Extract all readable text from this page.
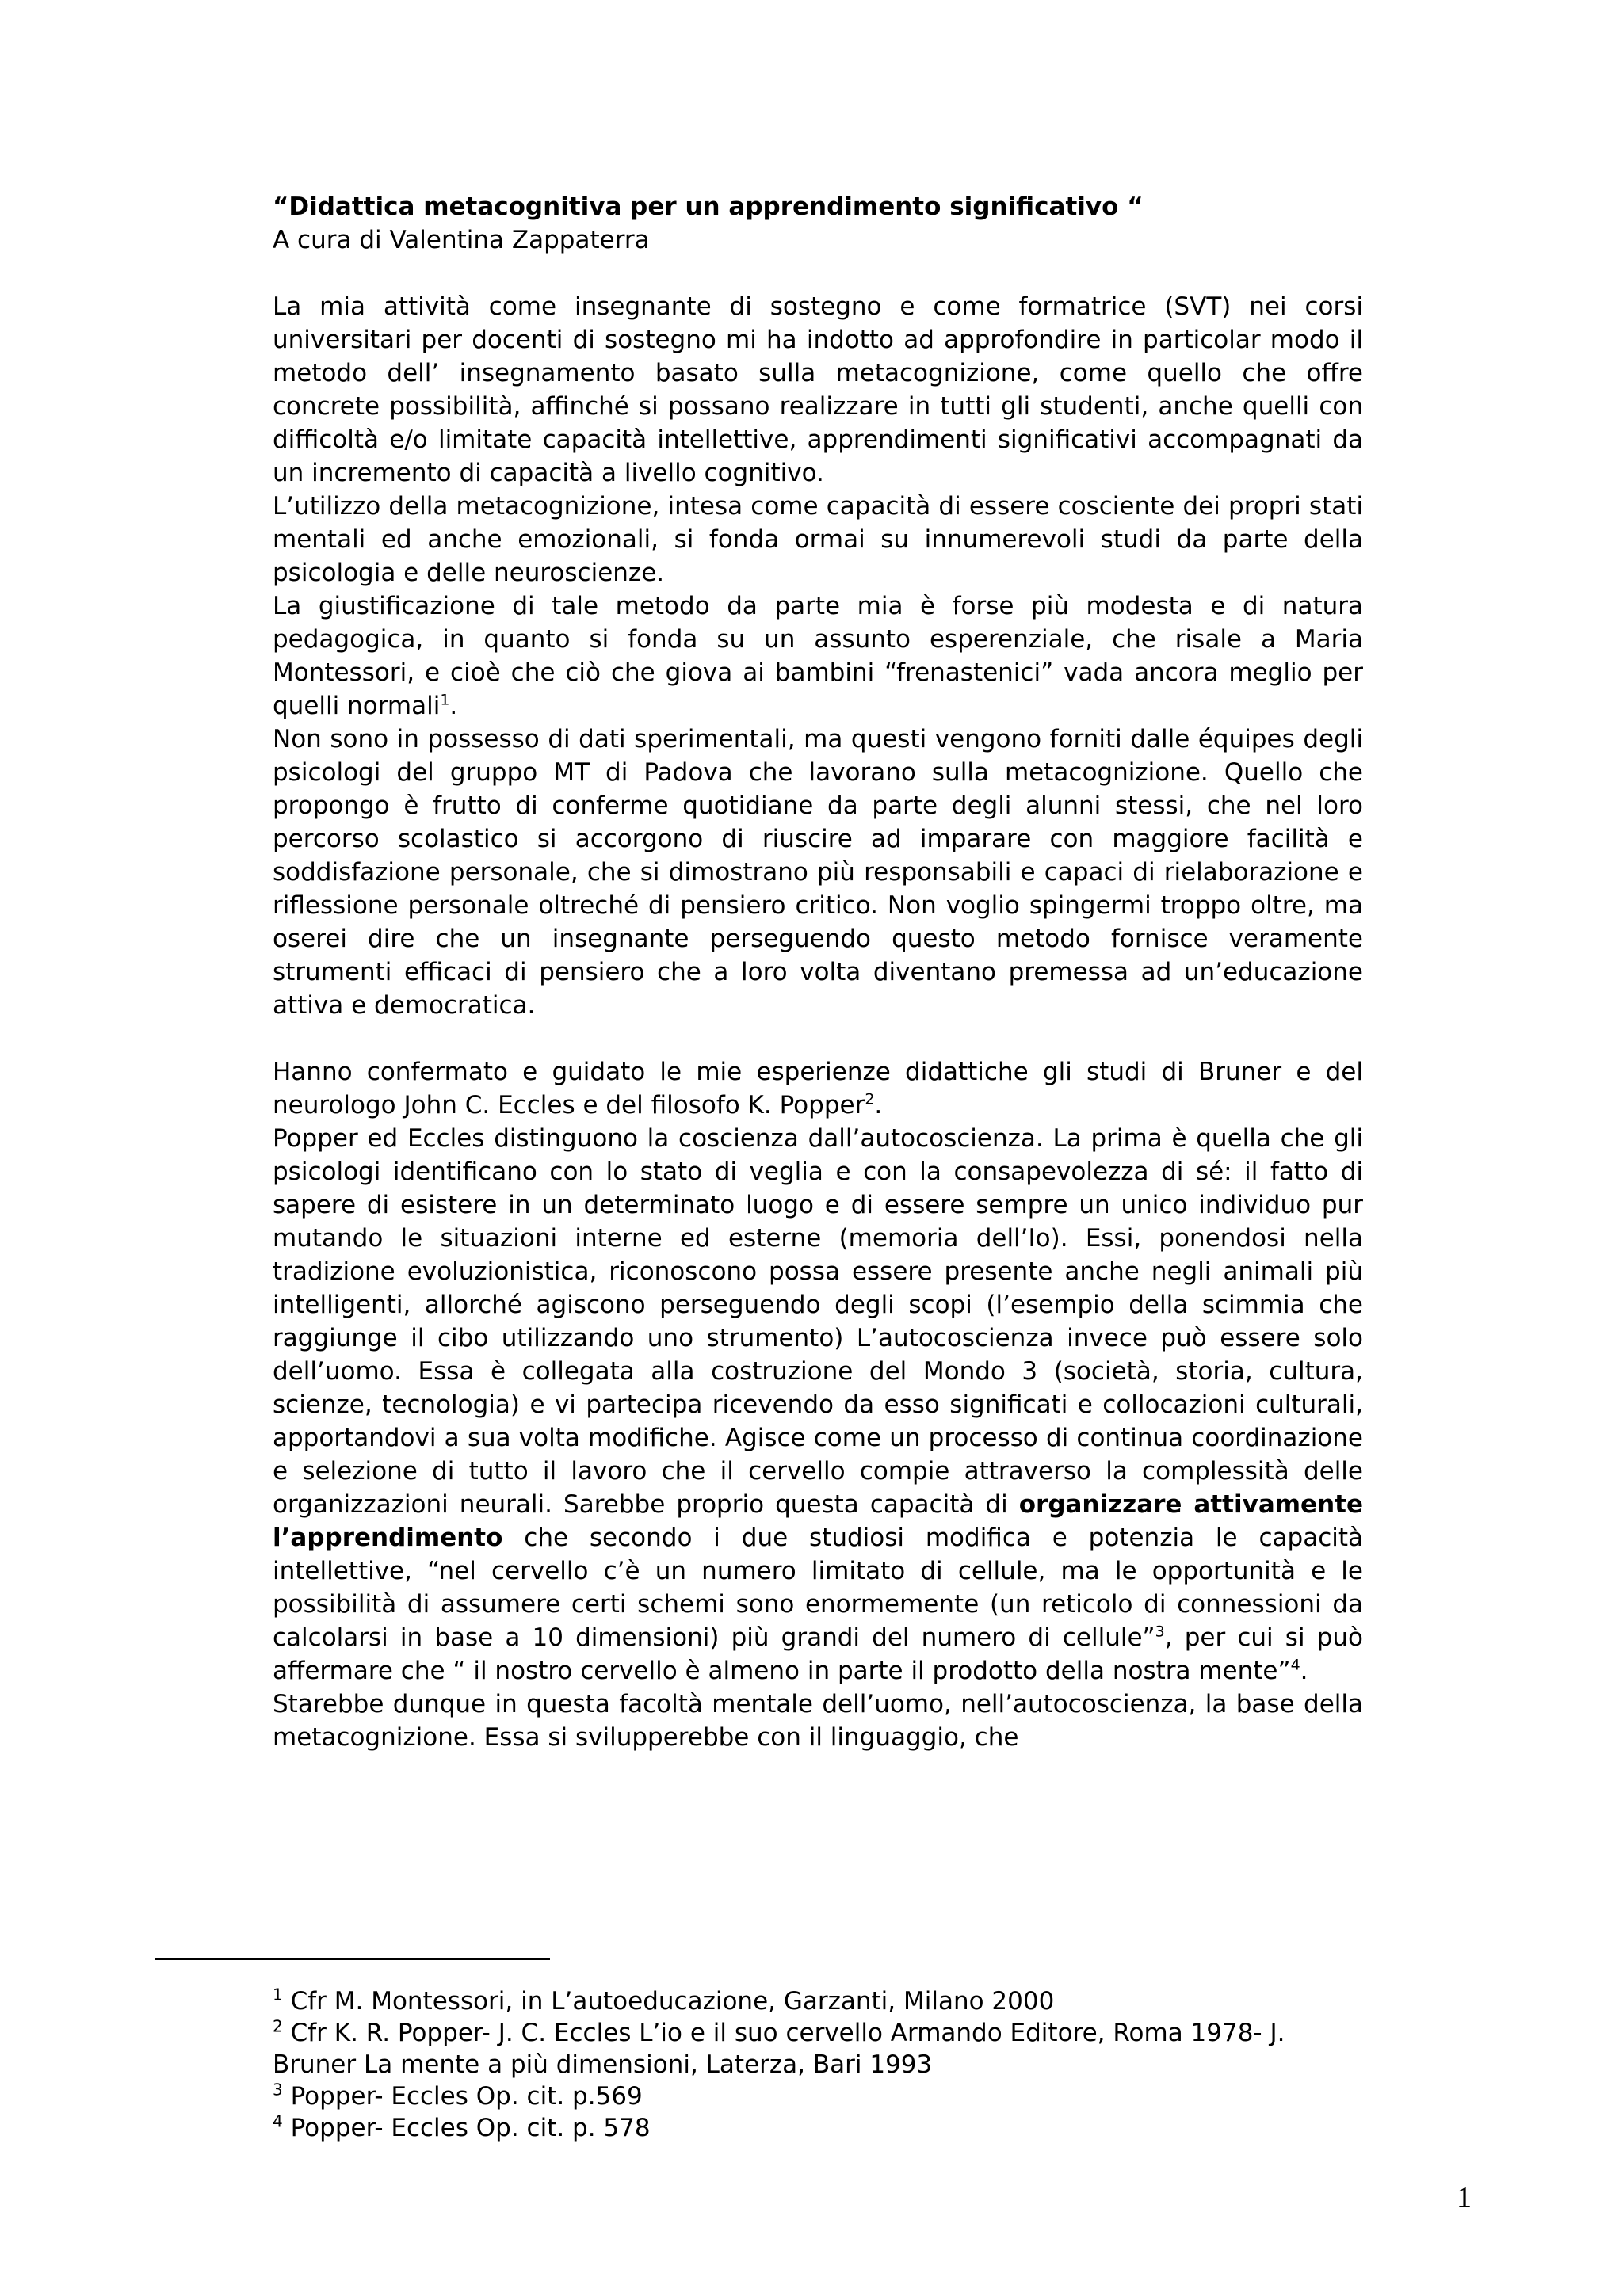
“Didattica metacognitiva per un apprendimento significativo “
A cura di Valentina Zappaterra

La mia attività come insegnante di sostegno e come formatrice (SVT) nei corsi universitari per docenti di sostegno mi ha indotto ad approfondire in particolar modo il metodo dell’ insegnamento basato sulla metacognizione, come quello che offre concrete possibilità, affinché si possano realizzare in tutti gli studenti, anche quelli con difficoltà e/o limitate capacità intellettive, apprendimenti significativi accompagnati da un incremento di capacità a livello cognitivo.

L’utilizzo della metacognizione, intesa come capacità di essere cosciente dei propri stati mentali ed anche emozionali, si fonda ormai su innumerevoli studi da parte della psicologia e delle neuroscienze.

La giustificazione di tale metodo da parte mia è forse più modesta e di natura pedagogica, in quanto si fonda su un assunto esperenziale, che risale a Maria Montessori, e cioè che ciò che giova ai bambini “frenastenici” vada ancora meglio per quelli normali$^1$.

Non sono in possesso di dati sperimentali, ma questi vengono forniti dalle équipes degli psicologi del gruppo MT di Padova che lavorano sulla metacognizione. Quello che propongo è frutto di conferme quotidiane da parte degli alunni stessi, che nel loro percorso scolastico si accorgono di riuscire ad imparare con maggiore facilità e soddisfazione personale, che si dimostrano più responsabili e capaci di rielaborazione e riflessione personale oltreché di pensiero critico. Non voglio spingermi troppo oltre, ma oserei dire che un insegnante perseguendo questo metodo fornisce veramente strumenti efficaci di pensiero che a loro volta diventano premessa ad un’educazione attiva e democratica.

Hanno confermato e guidato le mie esperienze didattiche gli studi di Bruner e del neurologo John C. Eccles e del filosofo K. Popper$^2$.

Popper ed Eccles distinguono la coscienza dall’autocoscienza. La prima è quella che gli psicologi identificano con lo stato di veglia e con la consapevolezza di sé: il fatto di sapere di esistere in un determinato luogo e di essere sempre un unico individuo pur mutando le situazioni interne ed esterne (memoria dell’Io). Essi, ponendosi nella tradizione evoluzionistica, riconoscono possa essere presente anche negli animali più intelligenti, allorché agiscono perseguendo degli scopi (l’esempio della scimmia che raggiunge il cibo utilizzando uno strumento) L’autocoscienza invece può essere solo dell’uomo. Essa è collegata alla costruzione del Mondo 3 (società, storia, cultura, scienze, tecnologia) e vi partecipa ricevendo da esso significati e collocazioni culturali, apportandovi a sua volta modifiche. Agisce come un processo di continua coordinazione e selezione di tutto il lavoro che il cervello compie attraverso la complessità delle organizzazioni neurali. Sarebbe proprio questa capacità di organizzare attivamente l’apprendimento che secondo i due studiosi modifica e potenzia le capacità intellettive, “nel cervello c’è un numero limitato di cellule, ma le opportunità e le possibilità di assumere certi schemi sono enormemente (un reticolo di connessioni da calcolarsi in base a 10 dimensioni) più grandi del numero di cellule”$^3$, per cui si può affermare che “ il nostro cervello è almeno in parte il prodotto della nostra mente”$^4$.

Starebbe dunque in questa facoltà mentale dell’uomo, nell’autocoscienza, la base della metacognizione. Essa si svilupperebbe con il linguaggio, che

$^1$ Cfr M. Montessori, in L’autoeducazione, Garzanti, Milano 2000
$^2$ Cfr K. R. Popper- J. C. Eccles L’io e il suo cervello Armando Editore, Roma 1978- J. Bruner La mente a più dimensioni, Laterza, Bari 1993
$^3$ Popper- Eccles Op. cit. p.569
$^4$ Popper- Eccles Op. cit. p. 578
1
